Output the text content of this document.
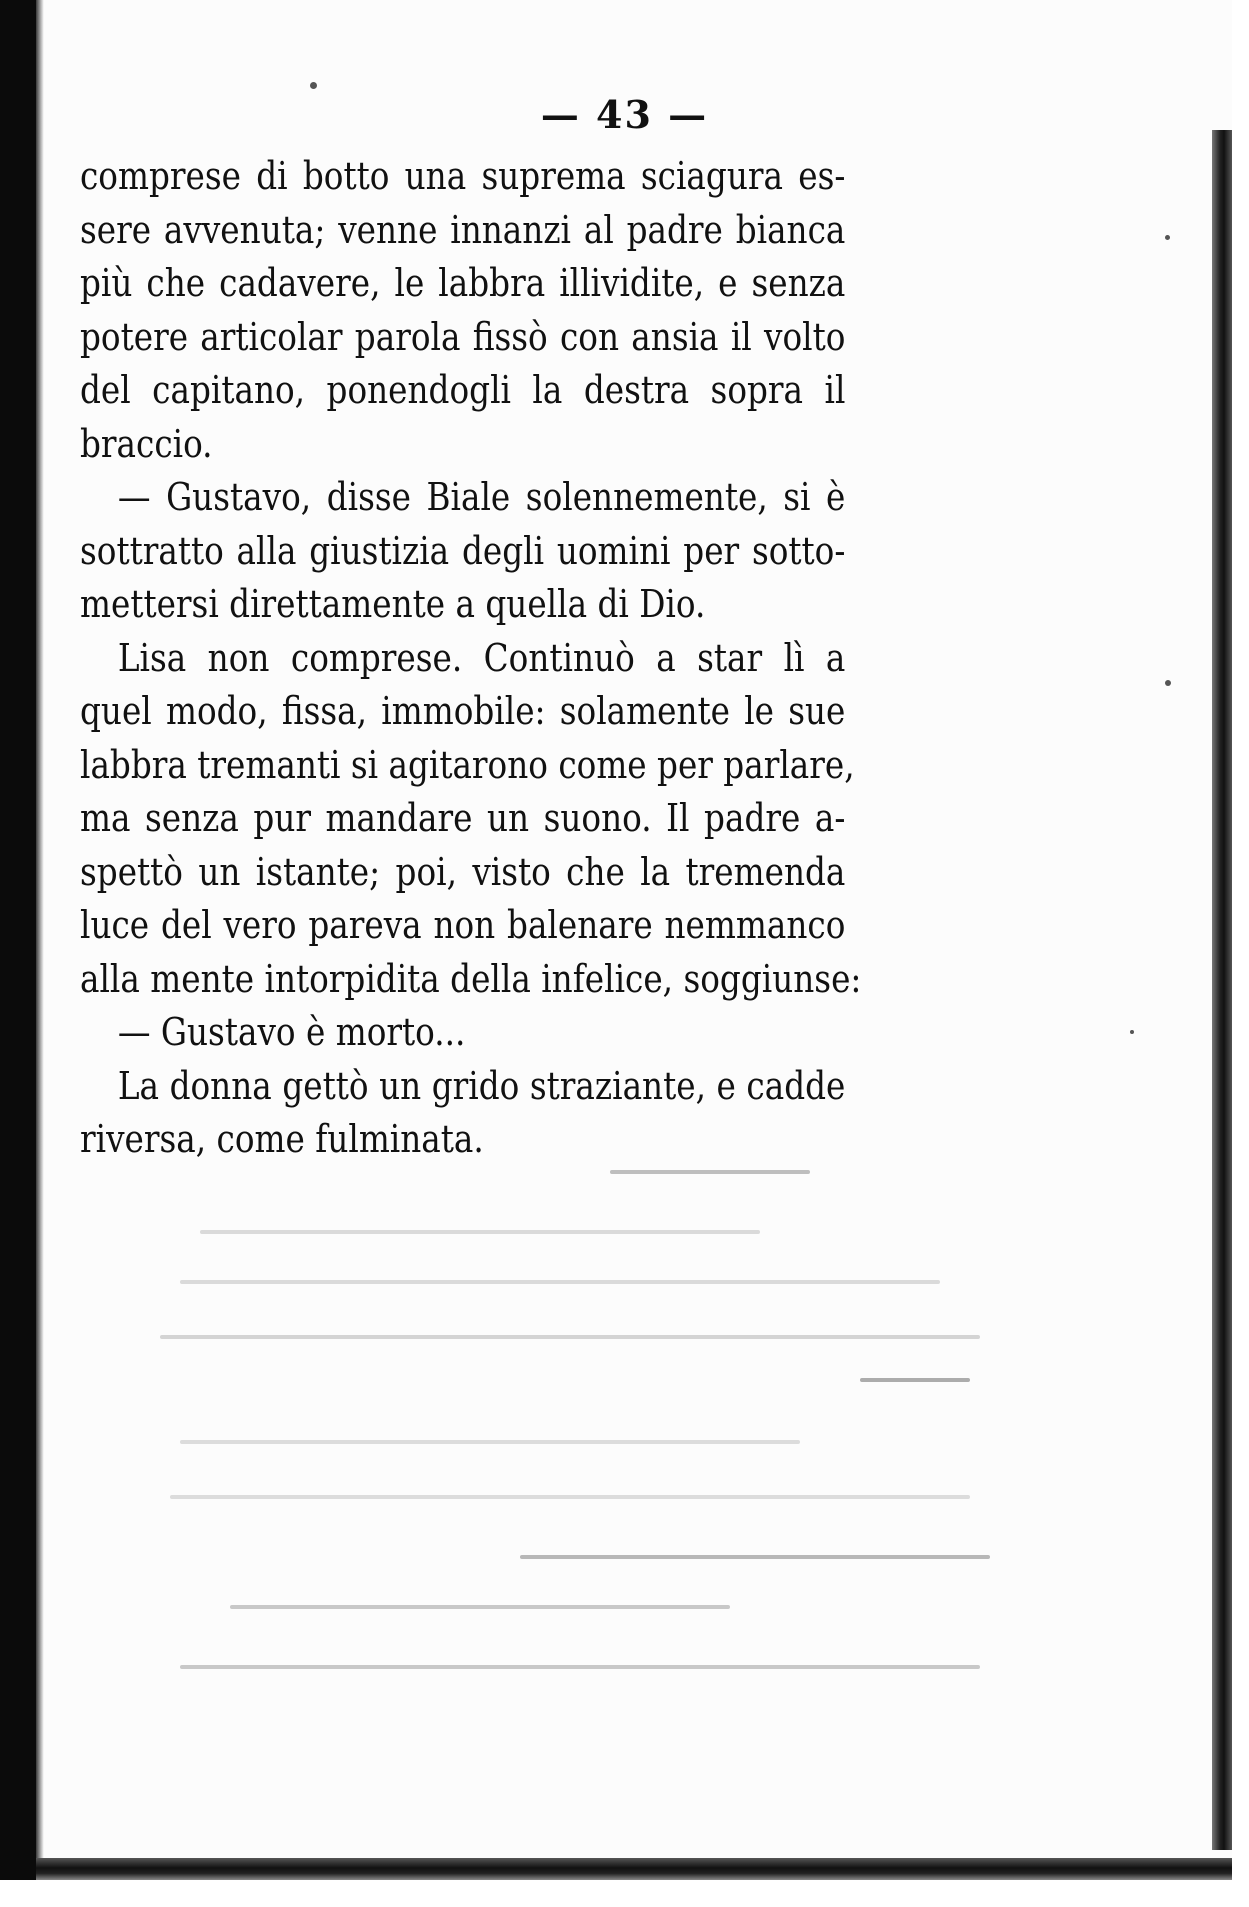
— 43 —
comprese di botto una suprema sciagura es-
sere avvenuta; venne innanzi al padre bianca
più che cadavere, le labbra illividite, e senza
potere articolar parola fissò con ansia il volto
del capitano, ponendogli la destra sopra il
braccio.
— Gustavo, disse Biale solennemente, si è
sottratto alla giustizia degli uomini per sotto-
mettersi direttamente a quella di Dio.
Lisa non comprese. Continuò a star lì a
quel modo, fissa, immobile: solamente le sue
labbra tremanti si agitarono come per parlare,
ma senza pur mandare un suono. Il padre a-
spettò un istante; poi, visto che la tremenda
luce del vero pareva non balenare nemmanco
alla mente intorpidita della infelice, soggiunse:
— Gustavo è morto...
La donna gettò un grido straziante, e cadde
riversa, come fulminata.
